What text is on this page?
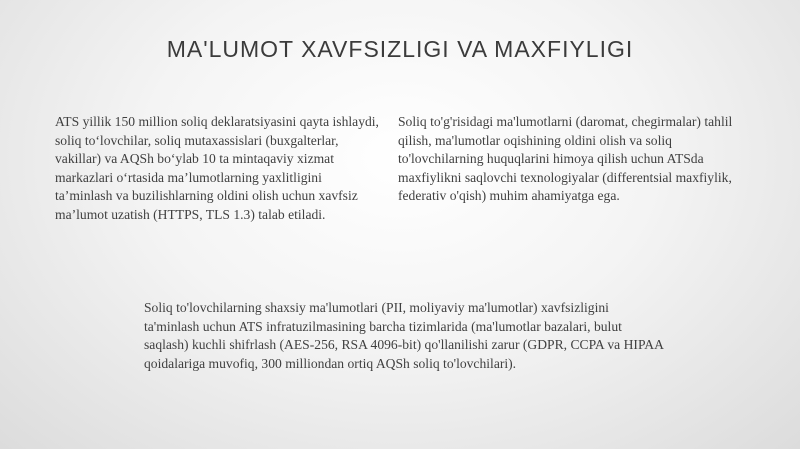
MA'LUMOT XAVFSIZLIGI VA MAXFIYLIGI

ATS yillik 150 million soliq deklaratsiyasini qayta ishlaydi, soliq to‘lovchilar, soliq mutaxassislari (buxgalterlar, vakillar) va AQSh bo‘ylab 10 ta mintaqaviy xizmat markazlari o‘rtasida ma’lumotlarning yaxlitligini ta’minlash va buzilishlarning oldini olish uchun xavfsiz ma’lumot uzatish (HTTPS, TLS 1.3) talab etiladi.

Soliq to'g'risidagi ma'lumotlarni (daromat, chegirmalar) tahlil qilish, ma'lumotlar oqishining oldini olish va soliq to'lovchilarning huquqlarini himoya qilish uchun ATSda maxfiylikni saqlovchi texnologiyalar (differentsial maxfiylik, federativ o'qish) muhim ahamiyatga ega.

Soliq to'lovchilarning shaxsiy ma'lumotlari (PII, moliyaviy ma'lumotlar) xavfsizligini ta'minlash uchun ATS infratuzilmasining barcha tizimlarida (ma'lumotlar bazalari, bulut saqlash) kuchli shifrlash (AES-256, RSA 4096-bit) qo'llanilishi zarur (GDPR, CCPA va HIPAA qoidalariga muvofiq, 300 milliondan ortiq AQSh soliq to'lovchilari).
